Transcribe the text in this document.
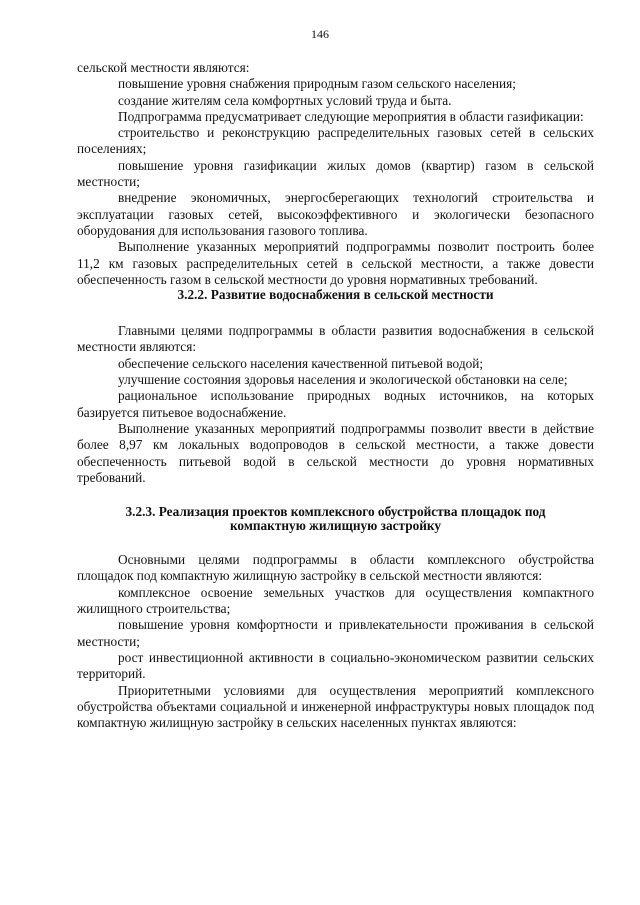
146

сельской местности являются:

повышение уровня снабжения природным газом сельского населения;

создание жителям села комфортных условий труда и быта.

Подпрограмма предусматривает следующие мероприятия в области газификации:

строительство и реконструкцию распределительных газовых сетей в сельских поселениях;

повышение уровня газификации жилых домов (квартир) газом в сельской местности;

внедрение экономичных, энергосберегающих технологий строительства и эксплуатации газовых сетей, высокоэффективного и экологически безопасного оборудования для использования газового топлива.

Выполнение указанных мероприятий подпрограммы позволит построить более 11,2 км газовых распределительных сетей в сельской местности, а также довести обеспеченность газом в сельской местности до уровня нормативных требований.

3.2.2. Развитие водоснабжения в сельской местности

Главными целями подпрограммы в области развития водоснабжения в сельской местности являются:

обеспечение сельского населения качественной питьевой водой;

улучшение состояния здоровья населения и экологической обстановки на селе;

рациональное использование природных водных источников, на которых базируется питьевое водоснабжение.

Выполнение указанных мероприятий подпрограммы позволит ввести в действие более 8,97 км локальных водопроводов в сельской местности, а также довести обеспеченность питьевой водой в сельской местности до уровня нормативных требований.

3.2.3. Реализация проектов комплексного обустройства площадок под

компактную жилищную застройку

Основными целями подпрограммы в области комплексного обустройства площадок под компактную жилищную застройку в сельской местности являются:

комплексное освоение земельных участков для осуществления компактного жилищного строительства;

повышение уровня комфортности и привлекательности проживания в сельской местности;

рост инвестиционной активности в социально-экономическом развитии сельских территорий.

Приоритетными условиями для осуществления мероприятий комплексного обустройства объектами социальной и инженерной инфраструктуры новых площадок под компактную жилищную застройку в сельских населенных пунктах являются:
